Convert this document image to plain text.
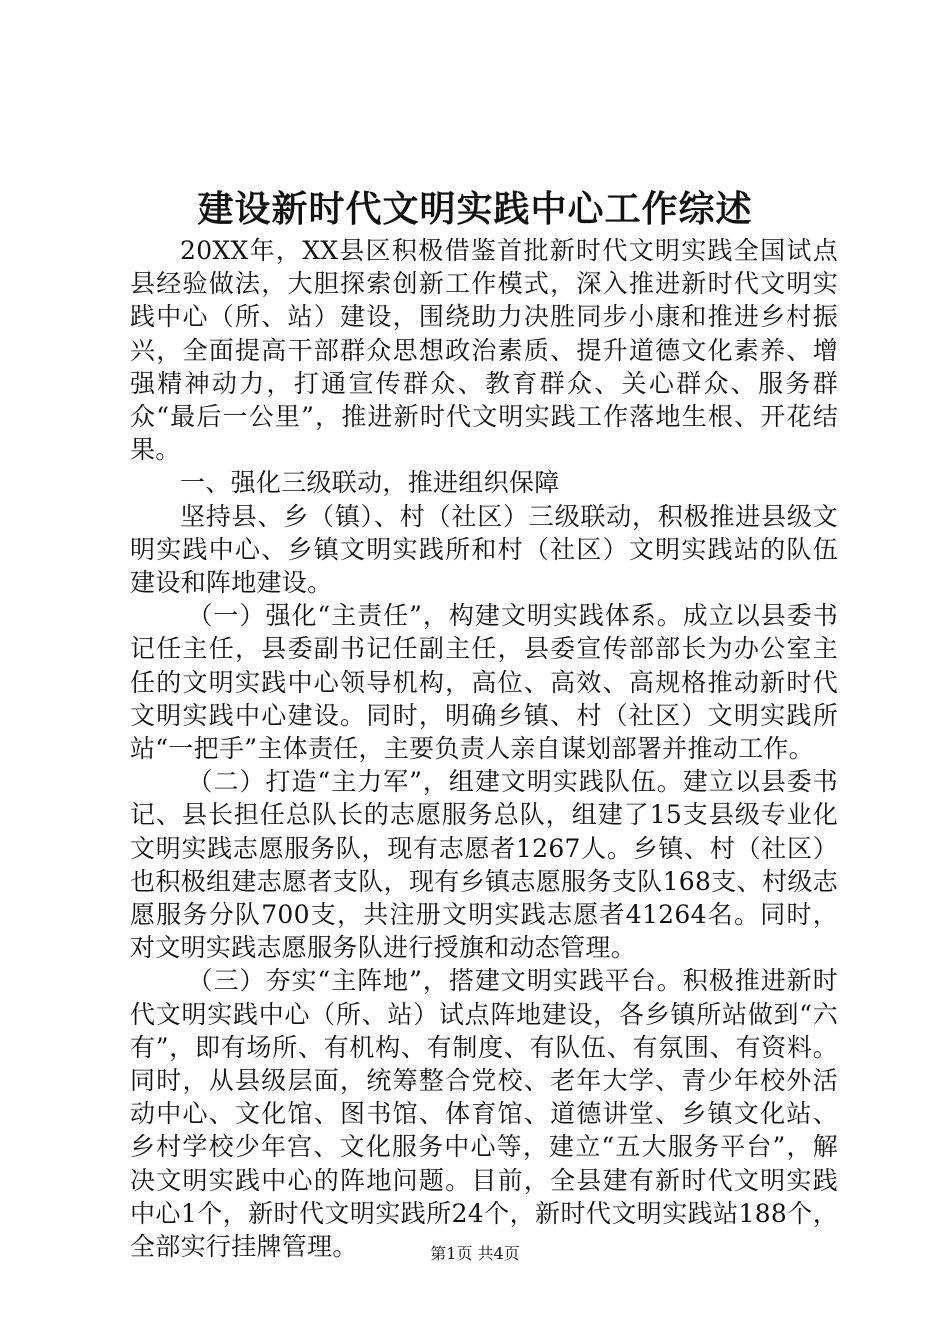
建设新时代文明实践中心工作综述

20XX年，XX县区积极借鉴首批新时代文明实践全国试点县经验做法，大胆探索创新工作模式，深入推进新时代文明实践中心（所、站）建设，围绕助力决胜同步小康和推进乡村振兴，全面提高干部群众思想政治素质、提升道德文化素养、增强精神动力，打通宣传群众、教育群众、关心群众、服务群众“最后一公里”，推进新时代文明实践工作落地生根、开花结果。

一、强化三级联动，推进组织保障

坚持县、乡（镇）、村（社区）三级联动，积极推进县级文明实践中心、乡镇文明实践所和村（社区）文明实践站的队伍建设和阵地建设。

（一）强化“主责任”，构建文明实践体系。成立以县委书记任主任，县委副书记任副主任，县委宣传部部长为办公室主任的文明实践中心领导机构，高位、高效、高规格推动新时代文明实践中心建设。同时，明确乡镇、村（社区）文明实践所站“一把手”主体责任，主要负责人亲自谋划部署并推动工作。

（二）打造“主力军”，组建文明实践队伍。建立以县委书记、县长担任总队长的志愿服务总队，组建了15支县级专业化文明实践志愿服务队，现有志愿者1267人。乡镇、村（社区）也积极组建志愿者支队，现有乡镇志愿服务支队168支、村级志愿服务分队700支，共注册文明实践志愿者41264名。同时，对文明实践志愿服务队进行授旗和动态管理。

（三）夯实“主阵地”，搭建文明实践平台。积极推进新时代文明实践中心（所、站）试点阵地建设，各乡镇所站做到“六有”，即有场所、有机构、有制度、有队伍、有氛围、有资料。同时，从县级层面，统筹整合党校、老年大学、青少年校外活动中心、文化馆、图书馆、体育馆、道德讲堂、乡镇文化站、乡村学校少年宫、文化服务中心等，建立“五大服务平台”，解决文明实践中心的阵地问题。目前，全县建有新时代文明实践中心1个，新时代文明实践所24个，新时代文明实践站188个，全部实行挂牌管理。	第1页 共4页
